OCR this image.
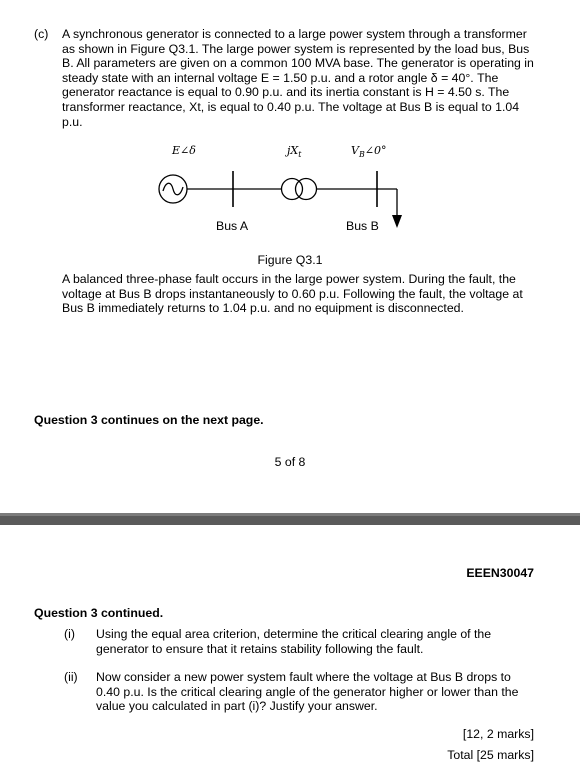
(c) A synchronous generator is connected to a large power system through a transformer as shown in Figure Q3.1. The large power system is represented by the load bus, Bus B. All parameters are given on a common 100 MVA base. The generator is operating in steady state with an internal voltage E = 1.50 p.u. and a rotor angle δ = 40°. The generator reactance is equal to 0.90 p.u. and its inertia constant is H = 4.50 s. The transformer reactance, Xt, is equal to 0.40 p.u. The voltage at Bus B is equal to 1.04 p.u.

E∠δ	$jX_t$	$V_B\angle 0^\circ$
Bus A	Bus B
Figure Q3.1

A balanced three-phase fault occurs in the large power system. During the fault, the voltage at Bus B drops instantaneously to 0.60 p.u. Following the fault, the voltage at Bus B immediately returns to 1.04 p.u. and no equipment is disconnected.

Question 3 continues on the next page.
5 of 8
EEEN30047
Question 3 continued.
(i) Using the equal area criterion, determine the critical clearing angle of the generator to ensure that it retains stability following the fault.

(ii) Now consider a new power system fault where the voltage at Bus B drops to 0.40 p.u. Is the critical clearing angle of the generator higher or lower than the value you calculated in part (i)? Justify your answer.

[12, 2 marks]
Total [25 marks]
